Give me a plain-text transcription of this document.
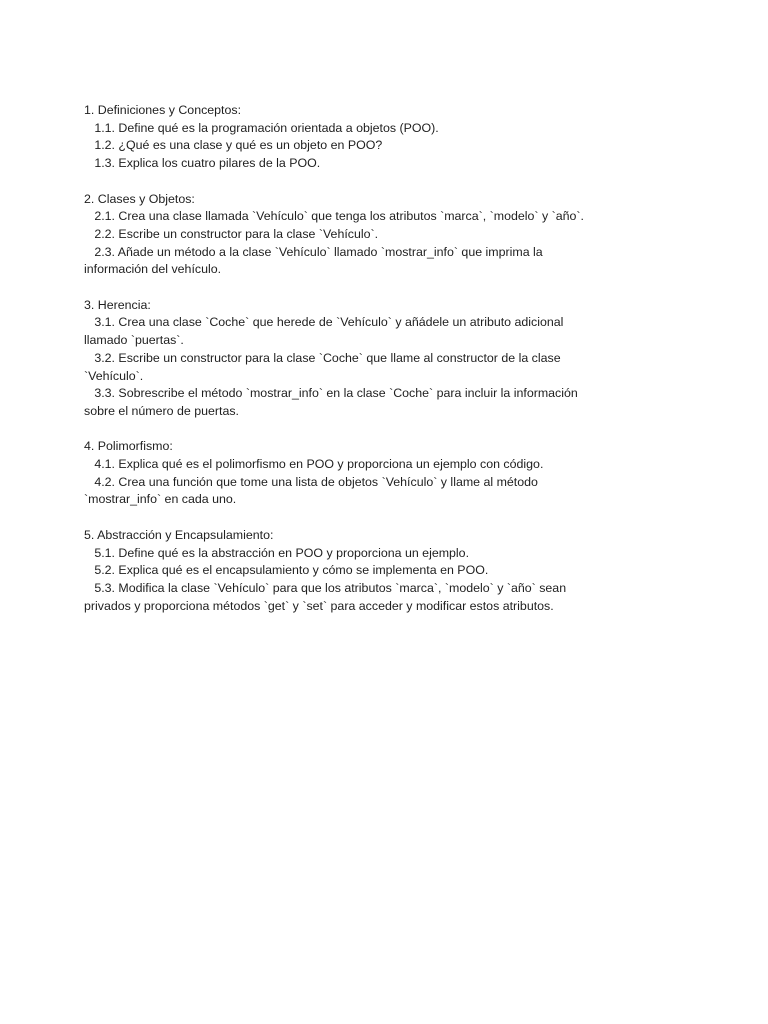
1. Definiciones y Conceptos:
1.1. Define qué es la programación orientada a objetos (POO).
1.2. ¿Qué es una clase y qué es un objeto en POO?
1.3. Explica los cuatro pilares de la POO.
2. Clases y Objetos:
2.1. Crea una clase llamada `Vehículo` que tenga los atributos `marca`, `modelo` y `año`.
2.2. Escribe un constructor para la clase `Vehículo`.
2.3. Añade un método a la clase `Vehículo` llamado `mostrar_info` que imprima la
información del vehículo.
3. Herencia:
3.1. Crea una clase `Coche` que herede de `Vehículo` y añádele un atributo adicional
llamado `puertas`.
3.2. Escribe un constructor para la clase `Coche` que llame al constructor de la clase
`Vehículo`.
3.3. Sobrescribe el método `mostrar_info` en la clase `Coche` para incluir la información
sobre el número de puertas.
4. Polimorfismo:
4.1. Explica qué es el polimorfismo en POO y proporciona un ejemplo con código.
4.2. Crea una función que tome una lista de objetos `Vehículo` y llame al método
`mostrar_info` en cada uno.
5. Abstracción y Encapsulamiento:
5.1. Define qué es la abstracción en POO y proporciona un ejemplo.
5.2. Explica qué es el encapsulamiento y cómo se implementa en POO.
5.3. Modifica la clase `Vehículo` para que los atributos `marca`, `modelo` y `año` sean
privados y proporciona métodos `get` y `set` para acceder y modificar estos atributos.
